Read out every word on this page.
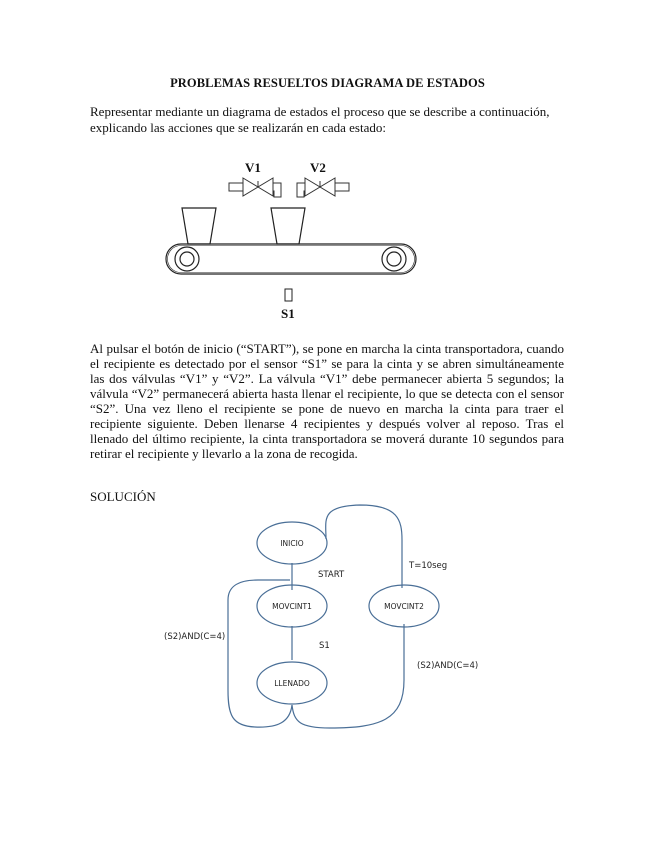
PROBLEMAS RESUELTOS DIAGRAMA DE ESTADOS
Representar mediante un diagrama de estados el proceso que se describe a continuación,
explicando las acciones que se realizarán en cada estado:
V1	V2
S1
Al pulsar el botón de inicio (“START”), se pone en marcha la cinta transportadora, cuando el recipiente es detectado por el sensor “S1” se para la cinta y se abren simultáneamente las dos válvulas “V1” y “V2”. La válvula “V1” debe permanecer abierta 5 segundos; la válvula “V2” permanecerá abierta hasta llenar el recipiente, lo que se detecta con el sensor “S2”. Una vez lleno el recipiente se pone de nuevo en marcha la cinta para traer el recipiente siguiente. Deben llenarse 4 recipientes y después volver al reposo. Tras el llenado del último recipiente, la cinta transportadora se moverá durante 10 segundos para retirar el recipiente y llevarlo a la zona de recogida.
SOLUCIÓN
INICIO
MOVCINT1	MOVCINT2
LLENADO
START
S1
T=10seg
(S2)AND(C=4)
(S2)AND(C=4)
